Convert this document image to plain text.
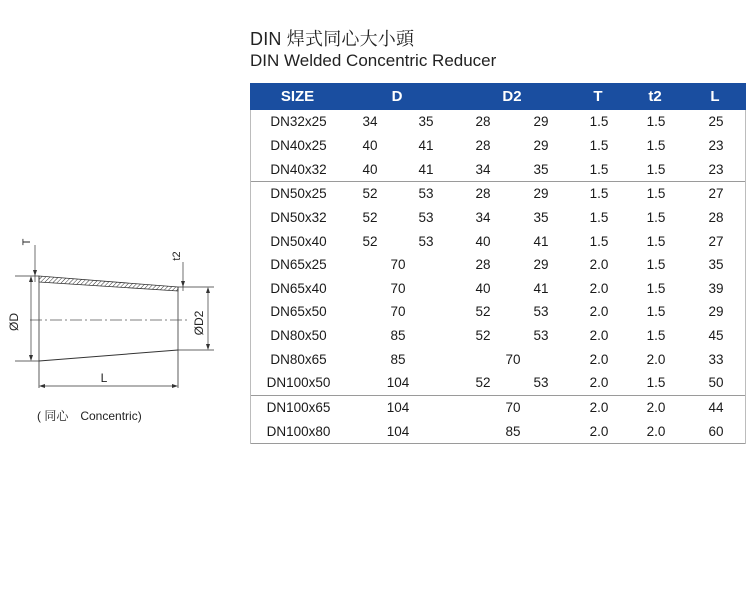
DIN 焊式同心大小頭
DIN Welded Concentric Reducer
ØD
T
t2
ØD2
L
( 同心 Concentric)
SIZE	D	D2	T	t2	L
DN32x25	34	35	28	29	1.5	1.5	25
DN40x25	40	41	28	29	1.5	1.5	23
DN40x32	40	41	34	35	1.5	1.5	23
DN50x25	52	53	28	29	1.5	1.5	27
DN50x32	52	53	34	35	1.5	1.5	28
DN50x40	52	53	40	41	1.5	1.5	27
DN65x25	70	28	29	2.0	1.5	35
DN65x40	70	40	41	2.0	1.5	39
DN65x50	70	52	53	2.0	1.5	29
DN80x50	85	52	53	2.0	1.5	45
DN80x65	85	70	2.0	2.0	33
DN100x50	104	52	53	2.0	1.5	50
DN100x65	104	70	2.0	2.0	44
DN100x80	104	85	2.0	2.0	60
